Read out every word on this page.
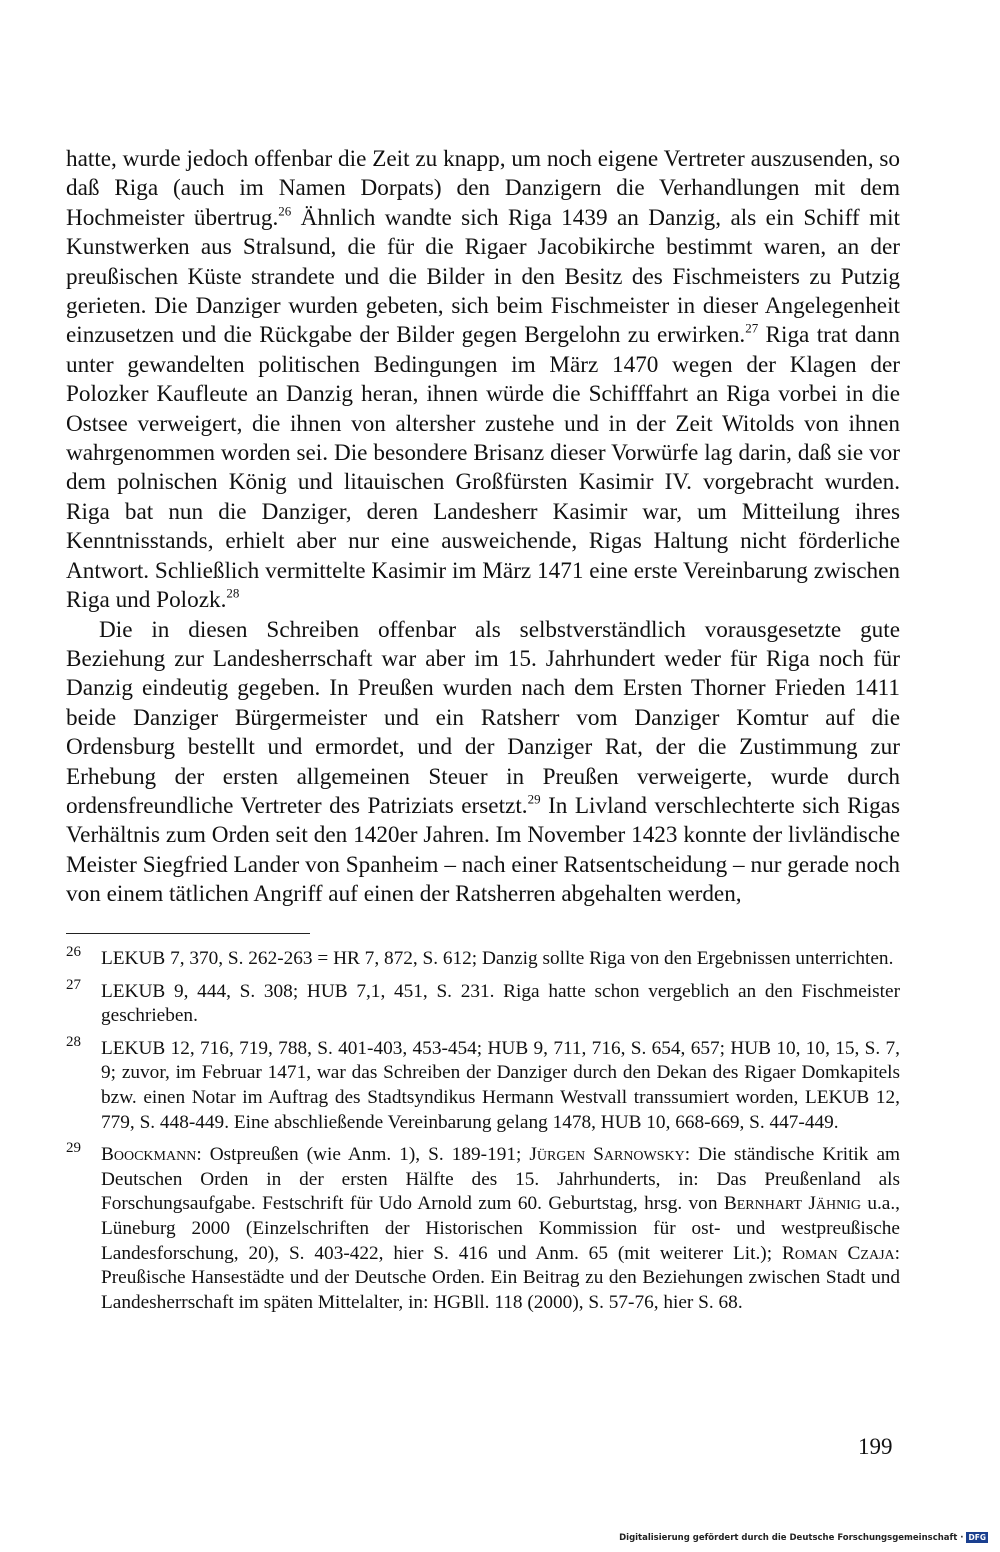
hatte, wurde jedoch offenbar die Zeit zu knapp, um noch eigene Vertreter auszusenden, so daß Riga (auch im Namen Dorpats) den Danzigern die Verhandlungen mit dem Hochmeister übertrug.$^{26}$ Ähnlich wandte sich Riga 1439 an Danzig, als ein Schiff mit Kunstwerken aus Stralsund, die für die Rigaer Jacobikirche bestimmt waren, an der preußischen Küste strandete und die Bilder in den Besitz des Fischmeisters zu Putzig gerieten. Die Danziger wurden gebeten, sich beim Fischmeister in dieser Angelegenheit einzusetzen und die Rückgabe der Bilder gegen Bergelohn zu erwirken.$^{27}$ Riga trat dann unter gewandelten politischen Bedingungen im März 1470 wegen der Klagen der Polozker Kaufleute an Danzig heran, ihnen würde die Schifffahrt an Riga vorbei in die Ostsee verweigert, die ihnen von altersher zustehe und in der Zeit Witolds von ihnen wahrgenommen worden sei. Die besondere Brisanz dieser Vorwürfe lag darin, daß sie vor dem polnischen König und litauischen Großfürsten Kasimir IV. vorgebracht wurden. Riga bat nun die Danziger, deren Landesherr Kasimir war, um Mitteilung ihres Kenntnisstands, erhielt aber nur eine ausweichende, Rigas Haltung nicht förderliche Antwort. Schließlich vermittelte Kasimir im März 1471 eine erste Vereinbarung zwischen Riga und Polozk.$^{28}$

Die in diesen Schreiben offenbar als selbstverständlich vorausgesetzte gute Beziehung zur Landesherrschaft war aber im 15. Jahrhundert weder für Riga noch für Danzig eindeutig gegeben. In Preußen wurden nach dem Ersten Thorner Frieden 1411 beide Danziger Bürgermeister und ein Ratsherr vom Danziger Komtur auf die Ordensburg bestellt und ermordet, und der Danziger Rat, der die Zustimmung zur Erhebung der ersten allgemeinen Steuer in Preußen verweigerte, wurde durch ordensfreundliche Vertreter des Patriziats ersetzt.$^{29}$ In Livland verschlechterte sich Rigas Verhältnis zum Orden seit den 1420er Jahren. Im November 1423 konnte der livländische Meister Siegfried Lander von Spanheim – nach einer Ratsentscheidung – nur gerade noch von einem tätlichen Angriff auf einen der Ratsherren abgehalten werden,

26 LEKUB 7, 370, S. 262-263 = HR 7, 872, S. 612; Danzig sollte Riga von den Ergebnissen unterrichten.
27 LEKUB 9, 444, S. 308; HUB 7,1, 451, S. 231. Riga hatte schon vergeblich an den Fischmeister geschrieben.
28 LEKUB 12, 716, 719, 788, S. 401-403, 453-454; HUB 9, 711, 716, S. 654, 657; HUB 10, 10, 15, S. 7, 9; zuvor, im Februar 1471, war das Schreiben der Danziger durch den Dekan des Rigaer Domkapitels bzw. einen Notar im Auftrag des Stadtsyndikus Hermann Westvall transsumiert worden, LEKUB 12, 779, S. 448-449. Eine abschließende Vereinbarung gelang 1478, HUB 10, 668-669, S. 447-449.
29 Boockmann: Ostpreußen (wie Anm. 1), S. 189-191; Jürgen Sarnowsky: Die ständische Kritik am Deutschen Orden in der ersten Hälfte des 15. Jahrhunderts, in: Das Preußenland als Forschungsaufgabe. Festschrift für Udo Arnold zum 60. Geburtstag, hrsg. von Bernhart Jähnig u.a., Lüneburg 2000 (Einzelschriften der Historischen Kommission für ost- und westpreußische Landesforschung, 20), S. 403-422, hier S. 416 und Anm. 65 (mit weiterer Lit.); Roman Czaja: Preußische Hansestädte und der Deutsche Orden. Ein Beitrag zu den Beziehungen zwischen Stadt und Landesherrschaft im späten Mittelalter, in: HGBll. 118 (2000), S. 57-76, hier S. 68.
199
Digitalisierung gefördert durch die Deutsche Forschungsgemeinschaft · DFG
